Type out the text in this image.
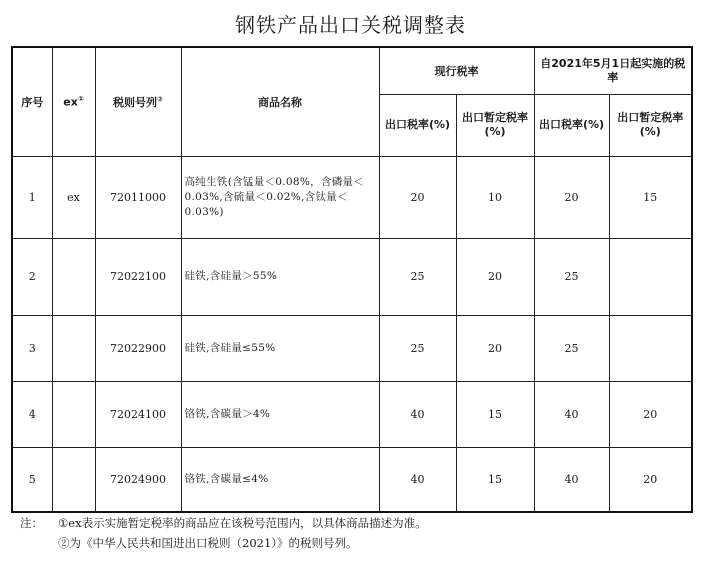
钢铁产品出口关税调整表
序号	ex①	税则号列②	商品名称	现行税率		自2021年5月1日起实施的税率	
				出口税率(%)	出口暂定税率(%)	出口税率(%)	出口暂定税率(%)
1	ex	72011000	高纯生铁(含锰量＜0.08%，含磷量＜0.03%,含硫量＜0.02%,含钛量＜0.03%)	20	10	20	15
2		72022100	硅铁,含硅量＞55%	25	20	25	
3		72022900	硅铁,含硅量≤55%	25	20	25	
4		72024100	铬铁,含碳量＞4%	40	15	40	20
5		72024900	铬铁,含碳量≤4%	40	15	40	20
注： ①ex表示实施暂定税率的商品应在该税号范围内，以具体商品描述为准。
②为《中华人民共和国进出口税则（2021）》的税则号列。
